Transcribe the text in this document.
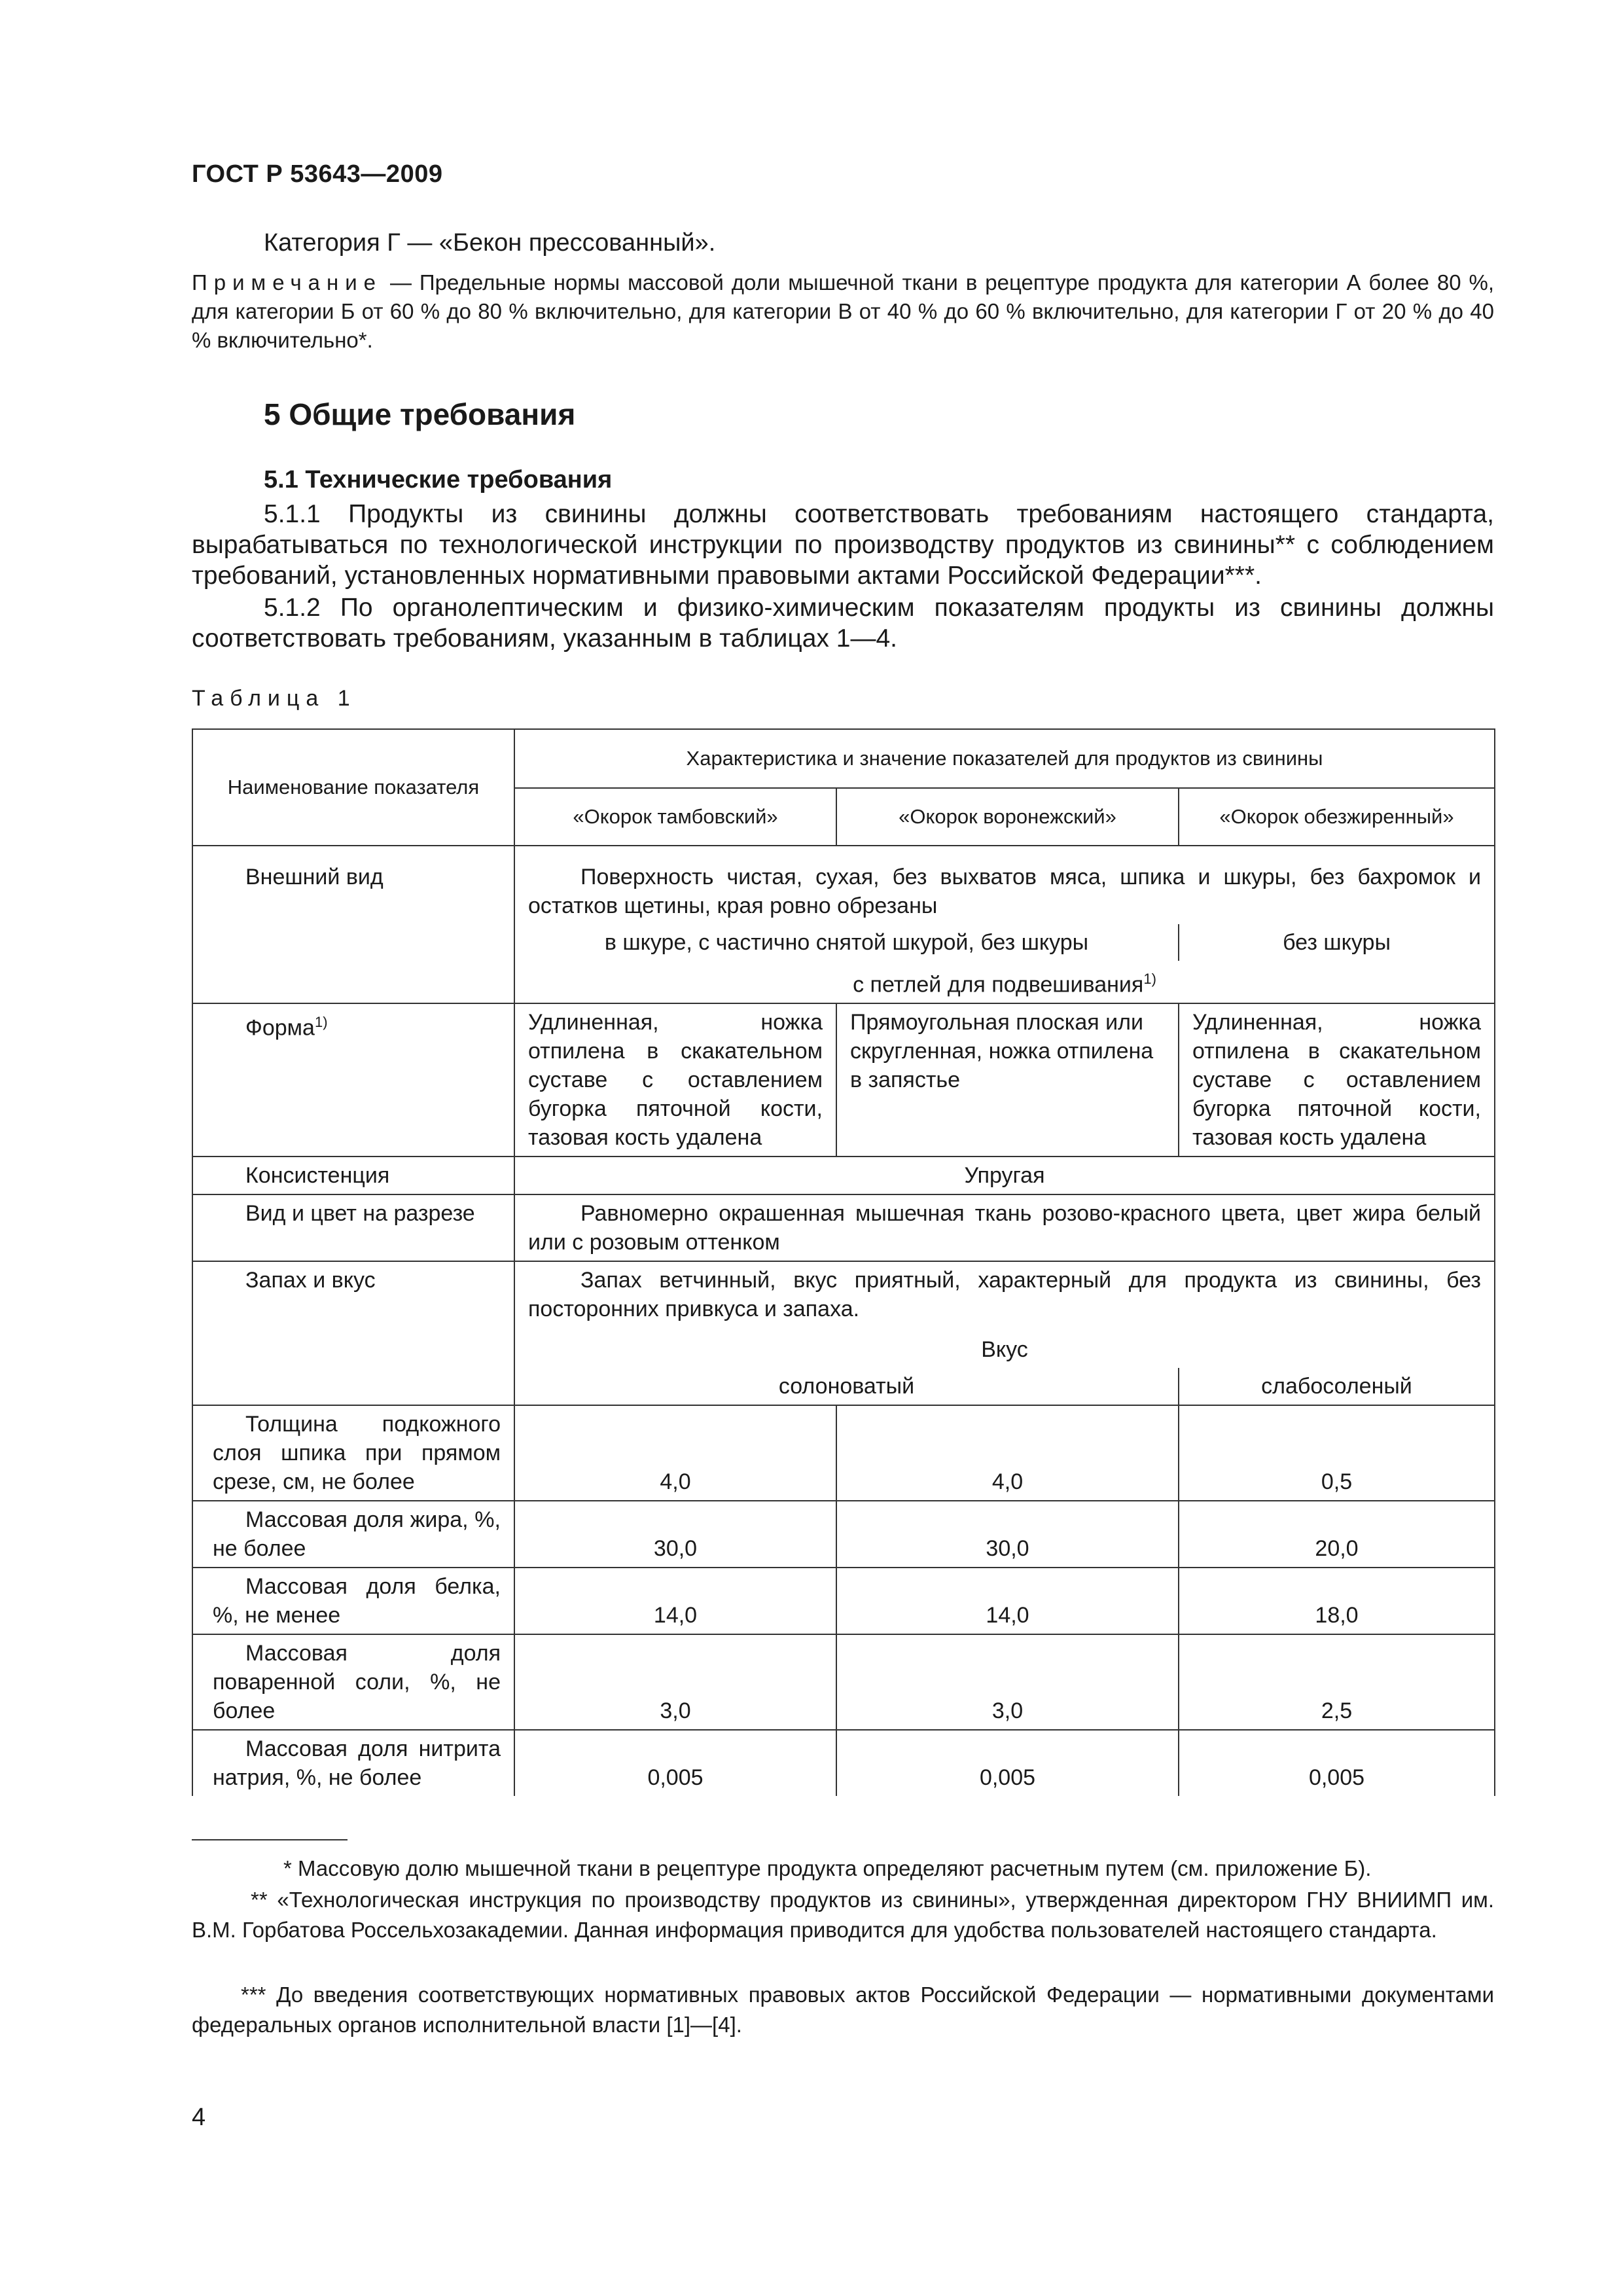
ГОСТ Р 53643—2009
Категория Г — «Бекон прессованный».
Примечание — Предельные нормы массовой доли мышечной ткани в рецептуре продукта для категории А более 80 %, для категории Б от 60 % до 80 % включительно, для категории В от 40 % до 60 % включительно, для категории Г от 20 % до 40 % включительно*.
5 Общие требования
5.1 Технические требования
5.1.1 Продукты из свинины должны соответствовать требованиям настоящего стандарта, вырабатываться по технологической инструкции по производству продуктов из свинины** с соблюдением требований, установленных нормативными правовыми актами Российской Федерации***.
5.1.2 По органолептическим и физико-химическим показателям продукты из свинины должны соответствовать требованиям, указанным в таблицах 1—4.
Таблица 1
Наименование показателя	Характеристика и значение показателей для продуктов из свинины		
	«Окорок тамбовский»	«Окорок воронежский»	«Окорок обезжиренный»

Внешний вид	Поверхность чистая, сухая, без выхватов мяса, шпика и шкуры, без бахромок и остатков щетины, края ровно обрезаны		
	в шкуре, с частично снятой шкурой, без шкуры		без шкуры
	с петлей для подвешивания$^{1)}$
Форма$^{1)}$	Удлиненная, ножка отпилена в скакательном суставе с оставлением бугорка пяточной кости, тазовая кость удалена	Прямоугольная плоская или скругленная, ножка отпилена в запястье	Удлиненная, ножка отпилена в скакательном суставе с оставлением бугорка пяточной кости, тазовая кость удалена
Консистенция	Упругая		
Вид и цвет на разрезе	Равномерно окрашенная мышечная ткань розово-красного цвета, цвет жира белый или с розовым оттенком		
Запах и вкус	Запах ветчинный, вкус приятный, характерный для продукта из свинины, без посторонних привкуса и запаха.		
	Вкус		
	солоноватый		слабосоленый
Толщина подкожного слоя шпика при прямом срезе, см, не более	4,0	4,0	0,5
Массовая доля жира, %, не более	30,0	30,0	20,0
Массовая доля белка, %, не менее	14,0	14,0	18,0
Массовая доля поваренной соли, %, не более	3,0	3,0	2,5
Массовая доля нитрита натрия, %, не более	0,005	0,005	0,005
* Массовую долю мышечной ткани в рецептуре продукта определяют расчетным путем (см. приложение Б).
** «Технологическая инструкция по производству продуктов из свинины», утвержденная директором ГНУ ВНИИМП им. В.М. Горбатова Россельхозакадемии. Данная информация приводится для удобства пользователей настоящего стандарта.
*** До введения соответствующих нормативных правовых актов Российской Федерации — нормативными документами федеральных органов исполнительной власти [1]—[4].
4
